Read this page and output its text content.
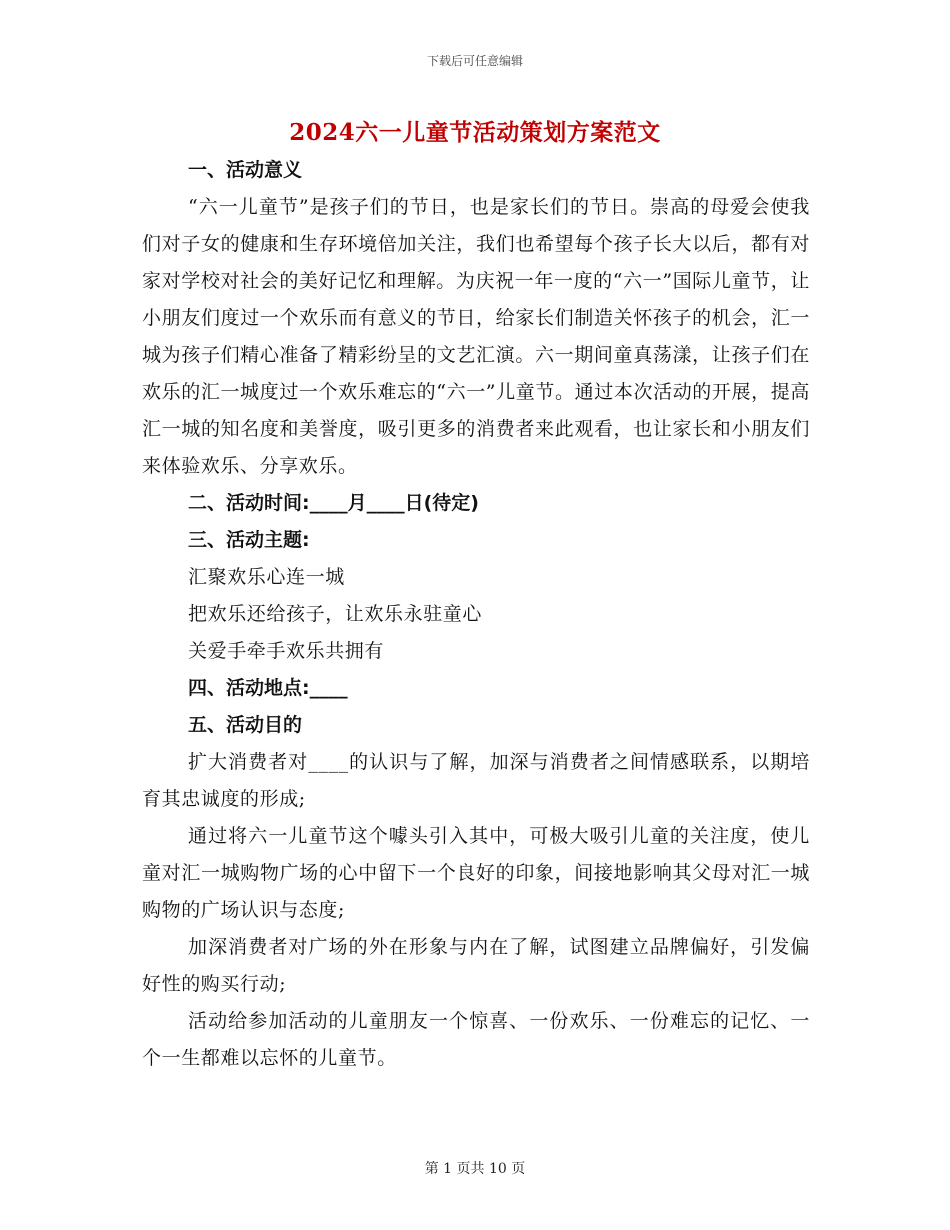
下载后可任意编辑
2024六一儿童节活动策划方案范文
一、活动意义
“六一儿童节”是孩子们的节日，也是家长们的节日。崇高的母爱会使我们对子女的健康和生存环境倍加关注，我们也希望每个孩子长大以后，都有对家对学校对社会的美好记忆和理解。为庆祝一年一度的“六一”国际儿童节，让小朋友们度过一个欢乐而有意义的节日，给家长们制造关怀孩子的机会，汇一城为孩子们精心准备了精彩纷呈的文艺汇演。六一期间童真荡漾，让孩子们在欢乐的汇一城度过一个欢乐难忘的“六一”儿童节。通过本次活动的开展，提高汇一城的知名度和美誉度，吸引更多的消费者来此观看，也让家长和小朋友们来体验欢乐、分享欢乐。
二、活动时间:____月____日(待定)
三、活动主题:
汇聚欢乐心连一城
把欢乐还给孩子，让欢乐永驻童心
关爱手牵手欢乐共拥有
四、活动地点:____
五、活动目的
扩大消费者对____的认识与了解，加深与消费者之间情感联系，以期培育其忠诚度的形成;
通过将六一儿童节这个噱头引入其中，可极大吸引儿童的关注度，使儿童对汇一城购物广场的心中留下一个良好的印象，间接地影响其父母对汇一城购物的广场认识与态度;
加深消费者对广场的外在形象与内在了解，试图建立品牌偏好，引发偏好性的购买行动;
活动给参加活动的儿童朋友一个惊喜、一份欢乐、一份难忘的记忆、一个一生都难以忘怀的儿童节。
第 1 页共 10 页
